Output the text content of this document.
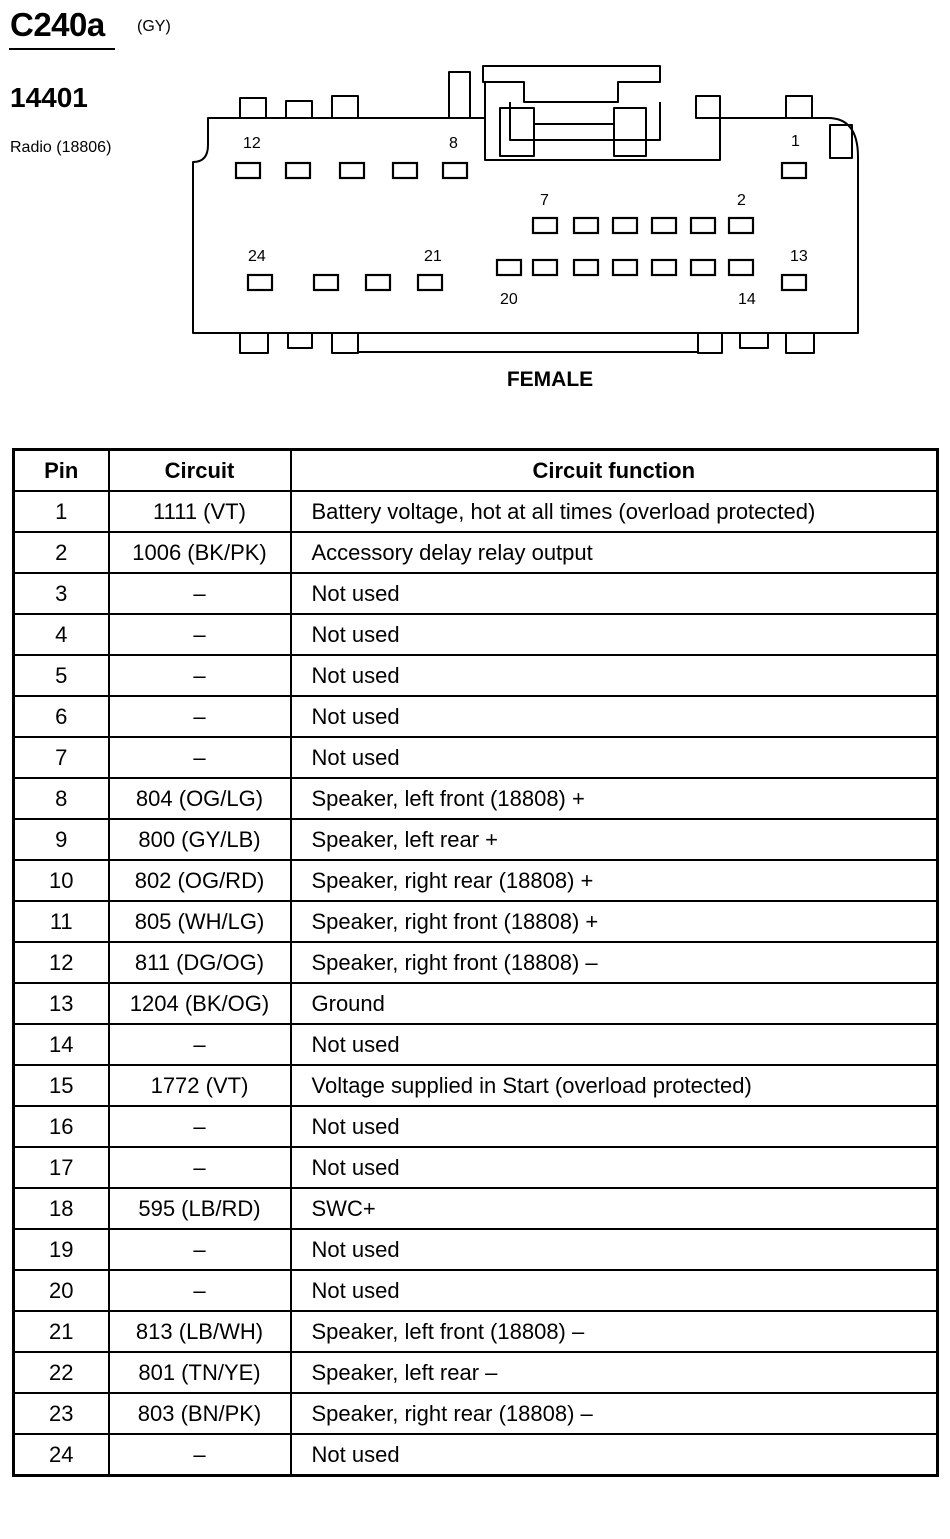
C240a (GY)
14401
Radio (18806)	12	8	1
7	2
24	21	13
20	14
FEMALE
Pin	Circuit	Circuit function
1	1111 (VT)	Battery voltage, hot at all times (overload protected)
2	1006 (BK/PK)	Accessory delay relay output
3	–	Not used
4	–	Not used
5	–	Not used
6	–	Not used
7	–	Not used
8	804 (OG/LG)	Speaker, left front (18808) +
9	800 (GY/LB)	Speaker, left rear +
10	802 (OG/RD)	Speaker, right rear (18808) +
11	805 (WH/LG)	Speaker, right front (18808) +
12	811 (DG/OG)	Speaker, right front (18808) –
13	1204 (BK/OG)	Ground
14	–	Not used
15	1772 (VT)	Voltage supplied in Start (overload protected)
16	–	Not used
17	–	Not used
18	595 (LB/RD)	SWC+
19	–	Not used
20	–	Not used
21	813 (LB/WH)	Speaker, left front (18808) –
22	801 (TN/YE)	Speaker, left rear –
23	803 (BN/PK)	Speaker, right rear (18808) –
24	–	Not used
